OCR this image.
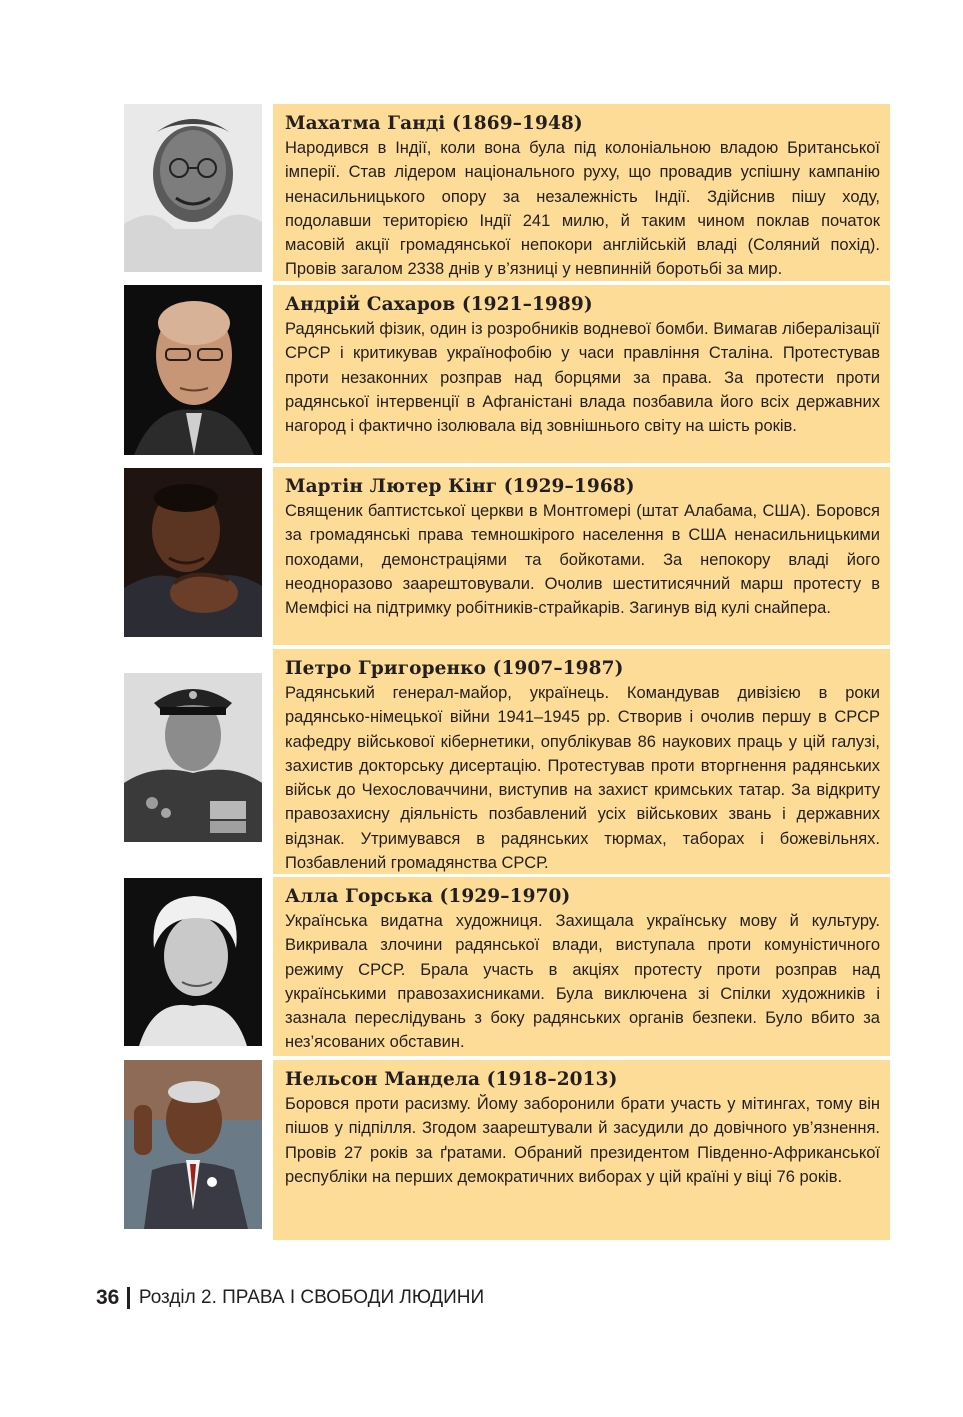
Махатма Ганді (1869–1948)

Народився в Індії, коли вона була під колоніальною владою Британської імперії. Став лідером національного руху, що провадив успішну кампанію ненасильницького опору за незалежність Індії. Здійснив пішу ходу, подолавши територією Індії 241 милю, й таким чином поклав початок масовій акції громадянської непокори англійській владі (Соляний похід). Провів загалом 2338 днів у в’язниці у невпинній боротьбі за мир.

Андрій Сахаров (1921–1989)

Радянський фізик, один із розробників водневої бомби. Вимагав лібералізації СРСР і критикував українофобію у часи правління Сталіна. Протестував проти незаконних розправ над борцями за права. За протести проти радянської інтервенції в Афганістані влада позбавила його всіх державних нагород і фактично ізолювала від зовнішнього світу на шість років.

Мартін Лютер Кінг (1929–1968)

Священик баптистської церкви в Монтгомері (штат Алабама, США). Боровся за громадянські права темношкірого населення в США ненасильницькими походами, демонстраціями та бойкотами. За непокору владі його неодноразово заарештовували. Очолив шеститисячний марш протесту в Мемфісі на підтримку робітників-страйкарів. Загинув від кулі снайпера.

Петро Григоренко (1907–1987)

Радянський генерал-майор, українець. Командував дивізією в роки радянсько-німецької війни 1941–1945 рр. Створив і очолив першу в СРСР кафедру військової кібернетики, опублікував 86 наукових праць у цій галузі, захистив докторську дисертацію. Протестував проти вторгнення радянських військ до Чехословаччини, виступив на захист кримських татар. За відкриту правозахисну діяльність позбавлений усіх військових звань і державних відзнак. Утримувався в радянських тюрмах, таборах і божевільнях. Позбавлений громадянства СРСР.

Алла Горська (1929–1970)

Українська видатна художниця. Захищала українську мову й культуру. Викривала злочини радянської влади, виступала проти комуністичного режиму СРСР. Брала участь в акціях протесту проти розправ над українськими правозахисниками. Була виключена зі Спілки художників і зазнала переслідувань з боку радянських органів безпеки. Було вбито за нез’ясованих обставин.

Нельсон Мандела (1918–2013)

Боровся проти расизму. Йому заборонили брати участь у мітингах, тому він пішов у підпілля. Згодом заарештували й засудили до довічного ув’язнення. Провів 27 років за ґратами. Обраний президентом Південно-Африканської республіки на перших демократичних виборах у цій країні у віці 76 років.

36 Розділ 2. ПРАВА І СВОБОДИ ЛЮДИНИ
